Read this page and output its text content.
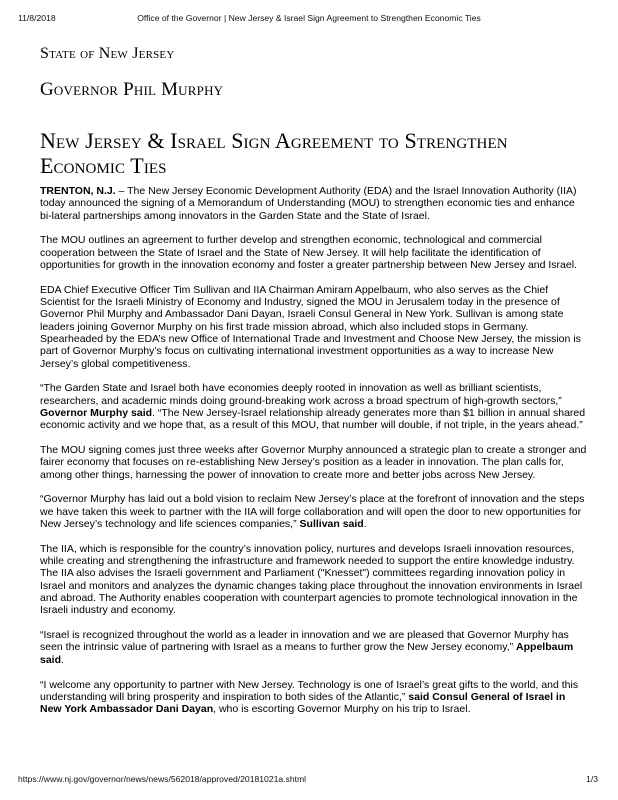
11/8/2018	Office of the Governor | New Jersey & Israel Sign Agreement to Strengthen Economic Ties
State of New Jersey
Governor Phil Murphy
New Jersey & Israel Sign Agreement to Strengthen Economic Ties

TRENTON, N.J. – The New Jersey Economic Development Authority (EDA) and the Israel Innovation Authority (IIA) today announced the signing of a Memorandum of Understanding (MOU) to strengthen economic ties and enhance bi-lateral partnerships among innovators in the Garden State and the State of Israel.

The MOU outlines an agreement to further develop and strengthen economic, technological and commercial cooperation between the State of Israel and the State of New Jersey. It will help facilitate the identification of opportunities for growth in the innovation economy and foster a greater partnership between New Jersey and Israel.

EDA Chief Executive Officer Tim Sullivan and IIA Chairman Amiram Appelbaum, who also serves as the Chief Scientist for the Israeli Ministry of Economy and Industry, signed the MOU in Jerusalem today in the presence of Governor Phil Murphy and Ambassador Dani Dayan, Israeli Consul General in New York. Sullivan is among state leaders joining Governor Murphy on his first trade mission abroad, which also included stops in Germany. Spearheaded by the EDA’s new Office of International Trade and Investment and Choose New Jersey, the mission is part of Governor Murphy’s focus on cultivating international investment opportunities as a way to increase New Jersey’s global competitiveness.

“The Garden State and Israel both have economies deeply rooted in innovation as well as brilliant scientists, researchers, and academic minds doing ground-breaking work across a broad spectrum of high-growth sectors,” Governor Murphy said. “The New Jersey-Israel relationship already generates more than $1 billion in annual shared economic activity and we hope that, as a result of this MOU, that number will double, if not triple, in the years ahead.”

The MOU signing comes just three weeks after Governor Murphy announced a strategic plan to create a stronger and fairer economy that focuses on re-establishing New Jersey’s position as a leader in innovation. The plan calls for, among other things, harnessing the power of innovation to create more and better jobs across New Jersey.

“Governor Murphy has laid out a bold vision to reclaim New Jersey’s place at the forefront of innovation and the steps we have taken this week to partner with the IIA will forge collaboration and will open the door to new opportunities for New Jersey’s technology and life sciences companies,” Sullivan said.

The IIA, which is responsible for the country’s innovation policy, nurtures and develops Israeli innovation resources, while creating and strengthening the infrastructure and framework needed to support the entire knowledge industry. The IIA also advises the Israeli government and Parliament ("Knesset") committees regarding innovation policy in Israel and monitors and analyzes the dynamic changes taking place throughout the innovation environments in Israel and abroad. The Authority enables cooperation with counterpart agencies to promote technological innovation in the Israeli industry and economy.

“Israel is recognized throughout the world as a leader in innovation and we are pleased that Governor Murphy has seen the intrinsic value of partnering with Israel as a means to further grow the New Jersey economy,” Appelbaum said.

“I welcome any opportunity to partner with New Jersey. Technology is one of Israel’s great gifts to the world, and this understanding will bring prosperity and inspiration to both sides of the Atlantic,” said Consul General of Israel in New York Ambassador Dani Dayan, who is escorting Governor Murphy on his trip to Israel.

https://www.nj.gov/governor/news/news/562018/approved/20181021a.shtml	1/3
